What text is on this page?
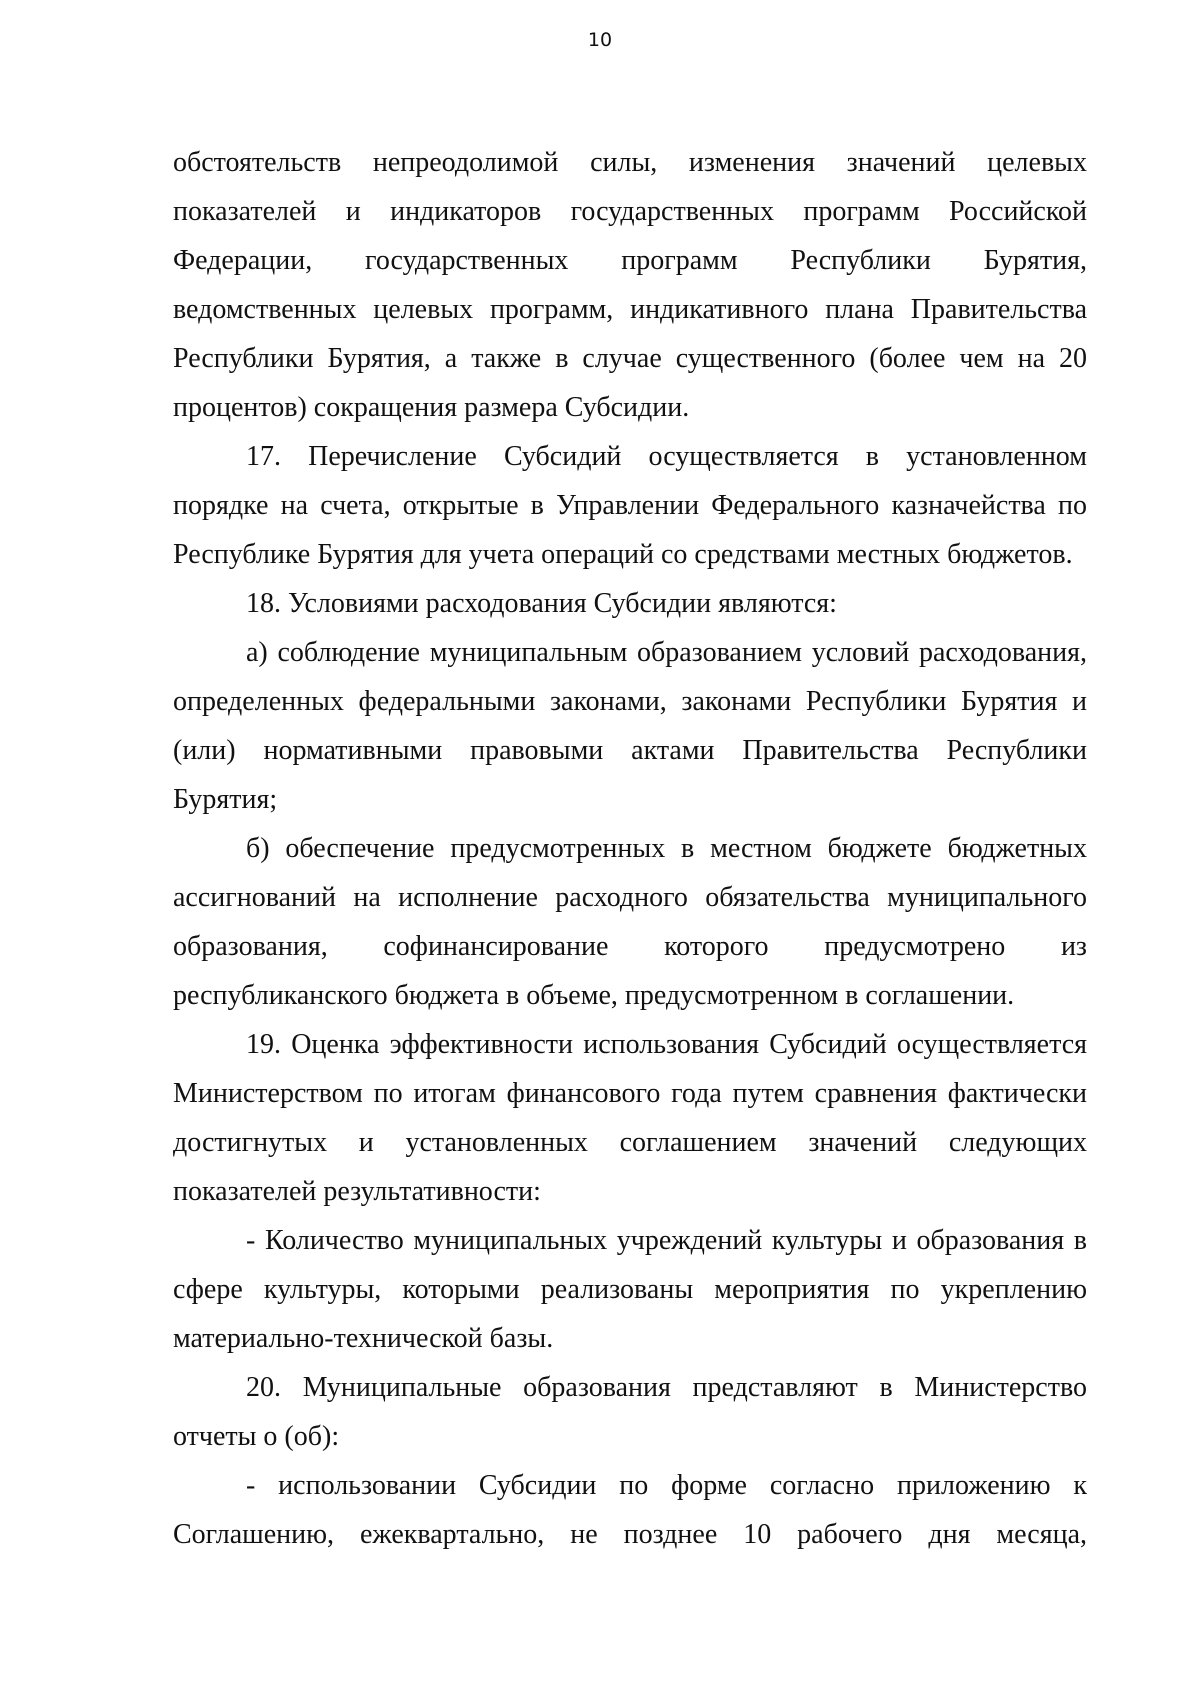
10

обстоятельств непреодолимой силы, изменения значений целевых показателей и индикаторов государственных программ Российской Федерации, государственных программ Республики Бурятия, ведомственных целевых программ, индикативного плана Правительства Республики Бурятия, а также в случае существенного (более чем на 20 процентов) сокращения размера Субсидии.

17. Перечисление Субсидий осуществляется в установленном порядке на счета, открытые в Управлении Федерального казначейства по Республике Бурятия для учета операций со средствами местных бюджетов.

18. Условиями расходования Субсидии являются:

а) соблюдение муниципальным образованием условий расходования, определенных федеральными законами, законами Республики Бурятия и (или) нормативными правовыми актами Правительства Республики Бурятия;

б) обеспечение предусмотренных в местном бюджете бюджетных ассигнований на исполнение расходного обязательства муниципального образования, софинансирование которого предусмотрено из республиканского бюджета в объеме, предусмотренном в соглашении.

19. Оценка эффективности использования Субсидий осуществляется Министерством по итогам финансового года путем сравнения фактически достигнутых и установленных соглашением значений следующих показателей результативности:

- Количество муниципальных учреждений культуры и образования в сфере культуры, которыми реализованы мероприятия по укреплению материально-технической базы.

20. Муниципальные образования представляют в Министерство отчеты о (об):

- использовании Субсидии по форме согласно приложению к Соглашению, ежеквартально, не позднее 10 рабочего дня месяца,
